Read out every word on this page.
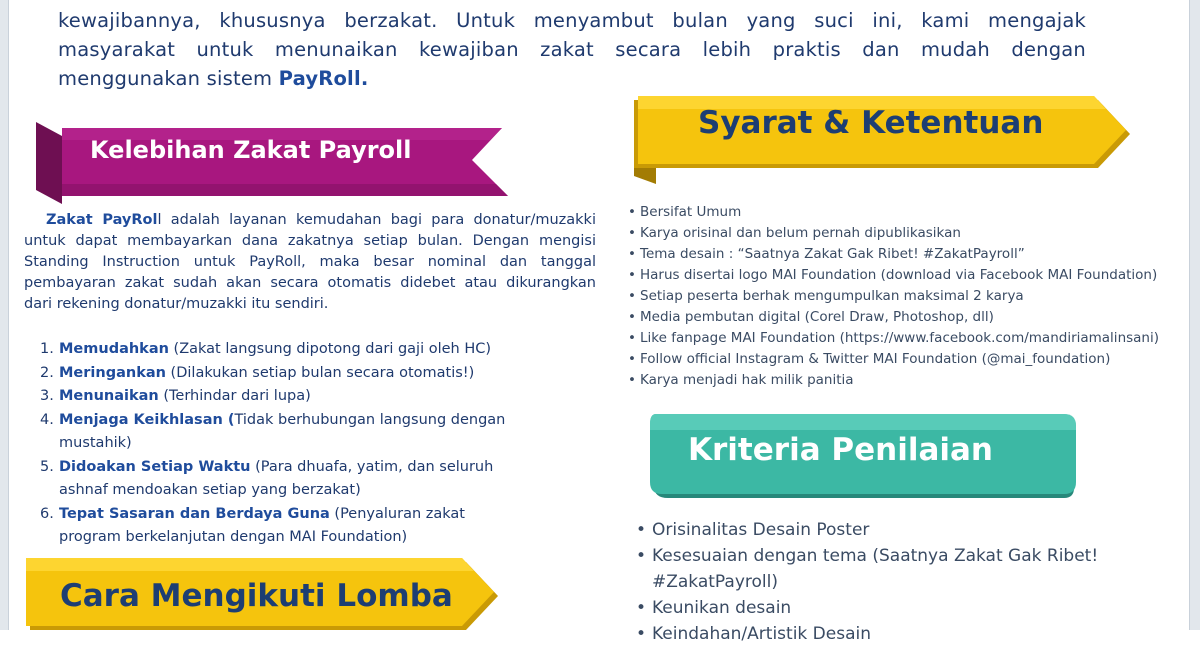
kewajibannya, khususnya berzakat. Untuk menyambut bulan yang suci ini, kami mengajak
masyarakat untuk menunaikan kewajiban zakat secara lebih praktis dan mudah dengan
menggunakan sistem PayRoll.
Kelebihan Zakat Payroll
Zakat PayRoll adalah layanan kemudahan bagi para donatur/muzakki
untuk dapat membayarkan dana zakatnya setiap bulan. Dengan mengisi
Standing Instruction untuk PayRoll, maka besar nominal dan tanggal
pembayaran zakat sudah akan secara otomatis didebet atau dikurangkan
dari rekening donatur/muzakki itu sendiri.
1. Memudahkan (Zakat langsung dipotong dari gaji oleh HC)
2. Meringankan (Dilakukan setiap bulan secara otomatis!)
3. Menunaikan (Terhindar dari lupa)
4. Menjaga Keikhlasan (Tidak berhubungan langsung dengan
mustahik)
5. Didoakan Setiap Waktu (Para dhuafa, yatim, dan seluruh
ashnaf mendoakan setiap yang berzakat)
6. Tepat Sasaran dan Berdaya Guna (Penyaluran zakat
program berkelanjutan dengan MAI Foundation)
Syarat & Ketentuan
• Bersifat Umum
• Karya orisinal dan belum pernah dipublikasikan
• Tema desain : “Saatnya Zakat Gak Ribet! #ZakatPayroll”
• Harus disertai logo MAI Foundation (download via Facebook MAI Foundation)
• Setiap peserta berhak mengumpulkan maksimal 2 karya
• Media pembutan digital (Corel Draw, Photoshop, dll)
• Like fanpage MAI Foundation (https://www.facebook.com/mandiriamalinsani)
• Follow official Instagram & Twitter MAI Foundation (@mai_foundation)
• Karya menjadi hak milik panitia
Kriteria Penilaian
• Orisinalitas Desain Poster
• Kesesuaian dengan tema (Saatnya Zakat Gak Ribet!
#ZakatPayroll)
• Keunikan desain
• Keindahan/Artistik Desain
Cara Mengikuti Lomba
